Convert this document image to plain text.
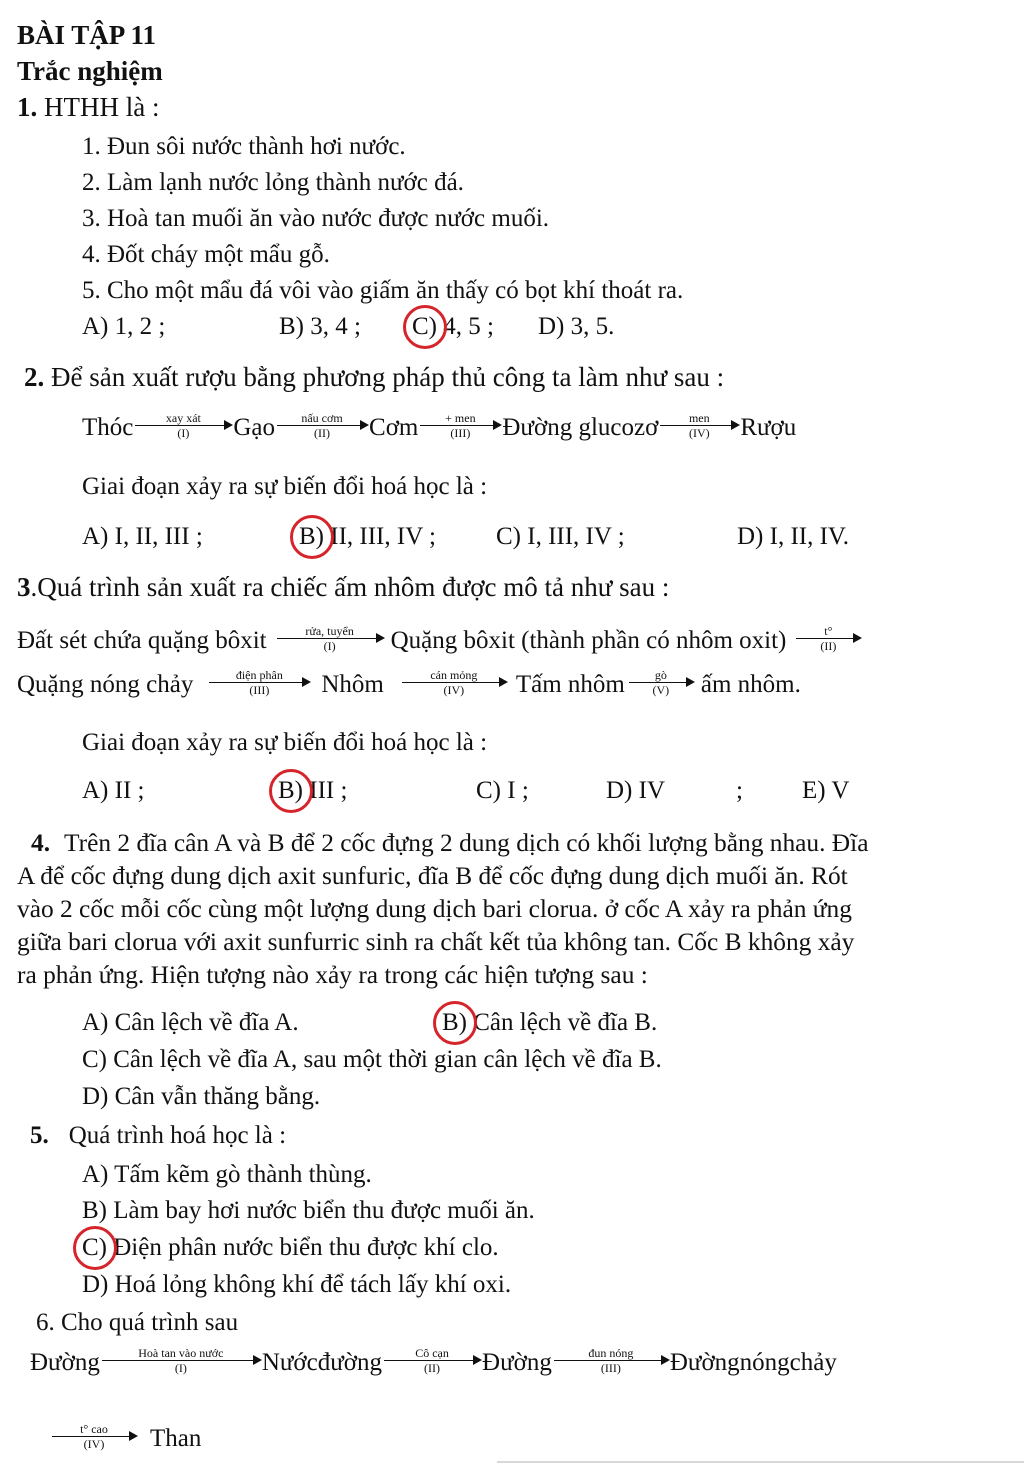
BÀI TẬP 11
Trắc nghiệm
1. HTHH là :
1. Đun sôi nước thành hơi nước.
2. Làm lạnh nước lỏng thành nước đá.
3. Hoà tan muối ăn vào nước được nước muối.
4. Đốt cháy một mẩu gỗ.
5. Cho một mẩu đá vôi vào giấm ăn thấy có bọt khí thoát ra.
A) 1, 2 ;	B) 3, 4 ; C) 4, 5 ; D) 3, 5.
2. Để sản xuất rượu bằng phương pháp thủ công ta làm như sau :
Thóc	xay xát
(I)	Gạo	nấu cơm
(II)	Cơm	+ men
(III)	Đường glucozơ	men
(IV)	Rượu
Giai đoạn xảy ra sự biến đổi hoá học là :
A) I, II, III ;	B) II, III, IV ; C) I, III, IV ;	D) I, II, IV.
3.Quá trình sản xuất ra chiếc ấm nhôm được mô tả như sau :
Đất sét chứa quặng bôxit	rửa, tuyển
(I)	Quặng bôxit (thành phần có nhôm oxit) $\frac{t^\circ}{(II)}$
Quặng nóng chảy	điện phân
(III)	Nhôm	cán mỏng
(IV)	Tấm nhôm $\frac{gò}{(V)}$ ấm nhôm.
Giai đoạn xảy ra sự biến đổi hoá học là :
A) II ;	B) III ;	C) I ;	D) IV	; E) V
4. Trên 2 đĩa cân A và B để 2 cốc đựng 2 dung dịch có khối lượng bằng nhau. Đĩa
A để cốc đựng dung dịch axit sunfuric, đĩa B để cốc đựng dung dịch muối ăn. Rót
vào 2 cốc mỗi cốc cùng một lượng dung dịch bari clorua. ở cốc A xảy ra phản ứng
giữa bari clorua với axit sunfurric sinh ra chất kết tủa không tan. Cốc B không xảy
ra phản ứng. Hiện tượng nào xảy ra trong các hiện tượng sau :
A) Cân lệch về đĩa A.	B) Cân lệch về đĩa B.
C) Cân lệch về đĩa A, sau một thời gian cân lệch về đĩa B.
D) Cân vẫn thăng bằng.
5. Quá trình hoá học là :
A) Tấm kẽm gò thành thùng.
B) Làm bay hơi nước biển thu được muối ăn.
C) Điện phân nước biển thu được khí clo.
D) Hoá lỏng không khí để tách lấy khí oxi.
6. Cho quá trình sau
Đường	Hoà tan vào nước
(I)	Nướcđường	Cô cạn
(II)	Đường	đun nóng
(III)	Đườngnóngchảy
t° cao
(IV)	Than
